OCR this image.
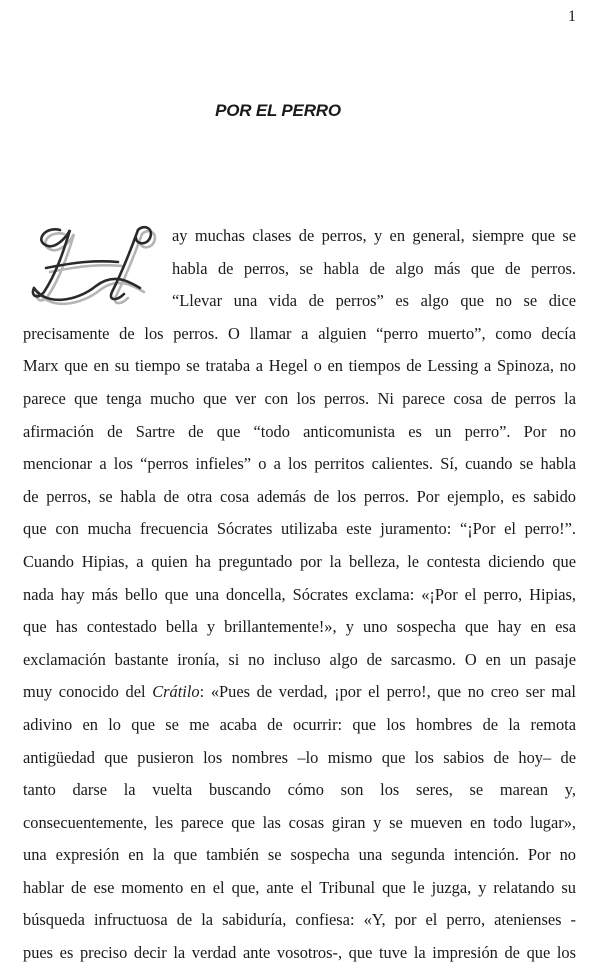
1
POR EL PERRO
ay muchas clases de perros, y en general, siempre que se
habla de perros, se habla de algo más que de perros.
“Llevar una vida de perros” es algo que no se dice
precisamente de los perros. O llamar a alguien “perro muerto”, como decía
Marx que en su tiempo se trataba a Hegel o en tiempos de Lessing a Spinoza, no
parece que tenga mucho que ver con los perros. Ni parece cosa de perros la
afirmación de Sartre de que “todo anticomunista es un perro”. Por no
mencionar a los “perros infieles” o a los perritos calientes. Sí, cuando se habla
de perros, se habla de otra cosa además de los perros. Por ejemplo, es sabido
que con mucha frecuencia Sócrates utilizaba este juramento: “¡Por el perro!”.
Cuando Hipias, a quien ha preguntado por la belleza, le contesta diciendo que
nada hay más bello que una doncella, Sócrates exclama: «¡Por el perro, Hipias,
que has contestado bella y brillantemente!», y uno sospecha que hay en esa
exclamación bastante ironía, si no incluso algo de sarcasmo. O en un pasaje
muy conocido del Crátilo: «Pues de verdad, ¡por el perro!, que no creo ser mal
adivino en lo que se me acaba de ocurrir: que los hombres de la remota
antigüedad que pusieron los nombres –lo mismo que los sabios de hoy– de
tanto darse la vuelta buscando cómo son los seres, se marean y,
consecuentemente, les parece que las cosas giran y se mueven en todo lugar»,
una expresión en la que también se sospecha una segunda intención. Por no
hablar de ese momento en el que, ante el Tribunal que le juzga, y relatando su
búsqueda infructuosa de la sabiduría, confiesa: «Y, por el perro, atenienses -
pues es preciso decir la verdad ante vosotros-, que tuve la impresión de que los
